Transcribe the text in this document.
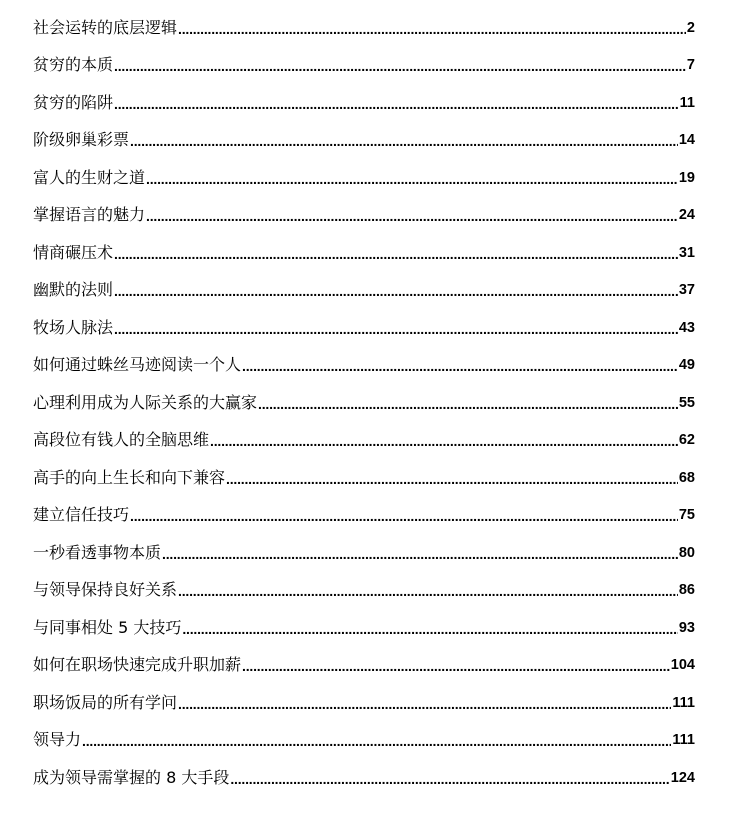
社会运转的底层逻辑 .....	2
贫穷的本质 .....	7
贫穷的陷阱 .....	11
阶级卵巢彩票 .....	14
富人的生财之道 .....	19
掌握语言的魅力 .....	24
情商碾压术 .....	31
幽默的法则 .....	37
牧场人脉法 .....	43
如何通过蛛丝马迹阅读一个人 .....	49
心理利用成为人际关系的大赢家 .....	55
高段位有钱人的全脑思维 .....	62
高手的向上生长和向下兼容 .....	68
建立信任技巧 .....	75
一秒看透事物本质 .....	80
与领导保持良好关系 .....	86
与同事相处 5 大技巧 .....	93
如何在职场快速完成升职加薪 .....	104
职场饭局的所有学问 .....	111
领导力 .....	111
成为领导需掌握的 8 大手段 .....	124
